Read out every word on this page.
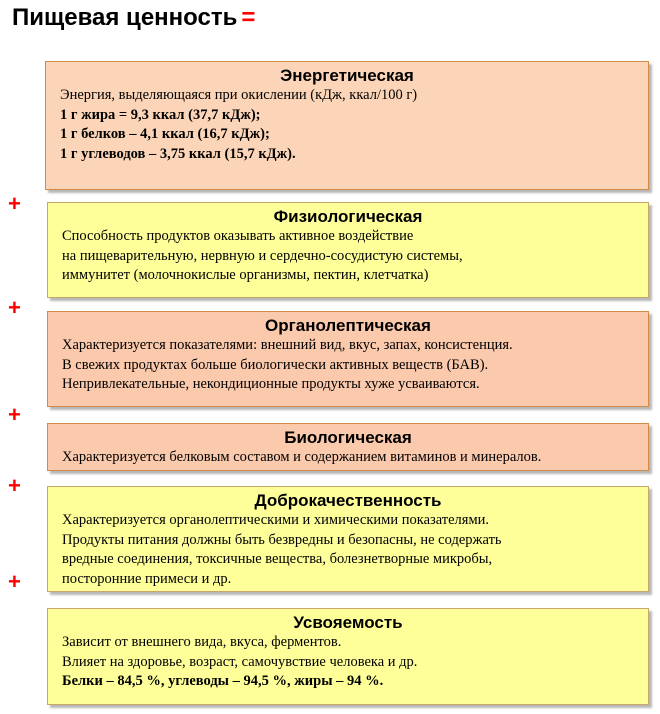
Пищевая ценность =
Энергетическая
Энергия, выделяющаяся при окислении (кДж, ккал/100 г)
1 г жира = 9,3 ккал (37,7 кДж);
1 г белков – 4,1 ккал (16,7 кДж);
1 г углеводов – 3,75 ккал (15,7 кДж).
+
Физиологическая
Способность продуктов оказывать активное воздействие
на пищеварительную, нервную и сердечно-сосудистую системы,
иммунитет (молочнокислые организмы, пектин, клетчатка)
+
Органолептическая
Характеризуется показателями: внешний вид, вкус, запах, консистенция.
В свежих продуктах больше биологически активных веществ (БАВ).
Непривлекательные, некондиционные продукты хуже усваиваются.
+
Биологическая
Характеризуется белковым составом и содержанием витаминов и минералов.
+
Доброкачественность
Характеризуется органолептическими и химическими показателями.
Продукты питания должны быть безвредны и безопасны, не содержать
вредные соединения, токсичные вещества, болезнетворные микробы,
посторонние примеси и др.
+
Усвояемость
Зависит от внешнего вида, вкуса, ферментов.
Влияет на здоровье, возраст, самочувствие человека и др.
Белки – 84,5 %, углеводы – 94,5 %, жиры – 94 %.
